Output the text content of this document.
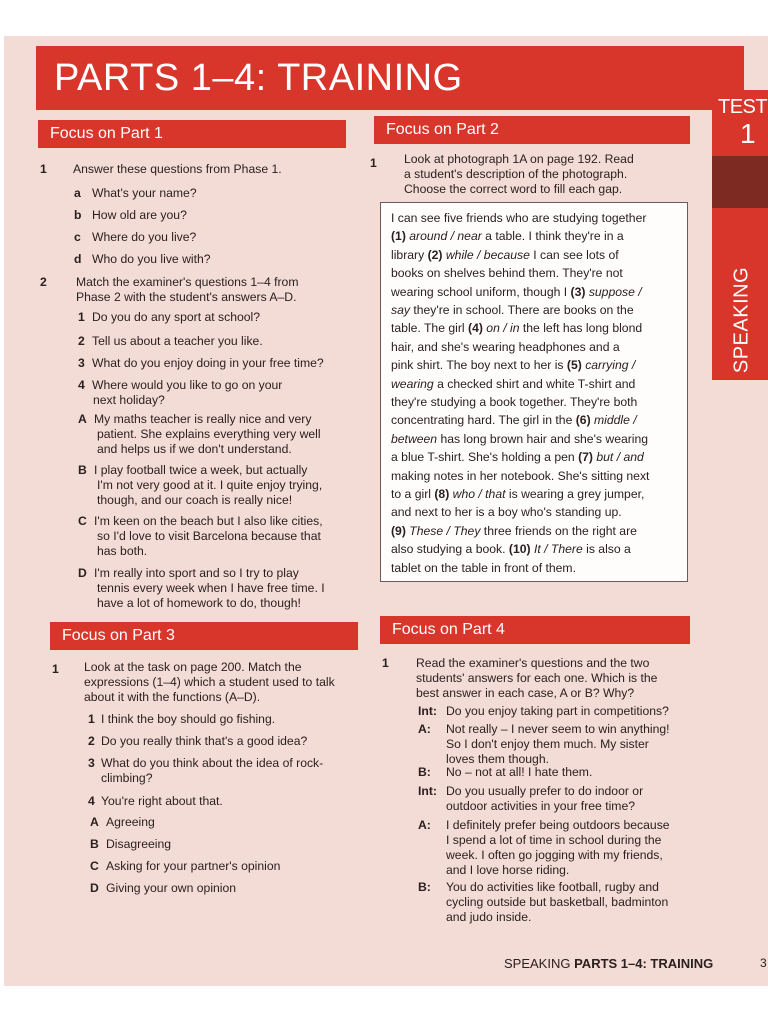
PARTS 1–4: TRAINING
TEST
1
SPEAKING
Focus on Part 1
1 Answer these questions from Phase 1.
a What's your name?
b How old are you?
c Where do you live?
d Who do you live with?
2 Match the examiner's questions 1–4 from
Phase 2 with the student's answers A–D.
1 Do you do any sport at school?
2 Tell us about a teacher you like.
3 What do you enjoy doing in your free time?
4 Where would you like to go on your
next holiday?
A My maths teacher is really nice and very
patient. She explains everything very well
and helps us if we don't understand.
B I play football twice a week, but actually
I'm not very good at it. I quite enjoy trying,
though, and our coach is really nice!
C I'm keen on the beach but I also like cities,
so I'd love to visit Barcelona because that
has both.
D I'm really into sport and so I try to play
tennis every week when I have free time. I
have a lot of homework to do, though!
Focus on Part 2
1 Look at photograph 1A on page 192. Read
a student's description of the photograph.
Choose the correct word to fill each gap.
I can see five friends who are studying together
(1) around / near a table. I think they're in a
library (2) while / because I can see lots of
books on shelves behind them. They're not
wearing school uniform, though I (3) suppose /
say they're in school. There are books on the
table. The girl (4) on / in the left has long blond
hair, and she's wearing headphones and a
pink shirt. The boy next to her is (5) carrying /
wearing a checked shirt and white T-shirt and
they're studying a book together. They're both
concentrating hard. The girl in the (6) middle /
between has long brown hair and she's wearing
a blue T-shirt. She's holding a pen (7) but / and
making notes in her notebook. She's sitting next
to a girl (8) who / that is wearing a grey jumper,
and next to her is a boy who's standing up.
(9) These / They three friends on the right are
also studying a book. (10) It / There is also a
tablet on the table in front of them.
Focus on Part 3
1 Look at the task on page 200. Match the
expressions (1–4) which a student used to talk
about it with the functions (A–D).
1 I think the boy should go fishing.
2 Do you really think that's a good idea?
3 What do you think about the idea of rock-
climbing?
4 You're right about that.
A Agreeing
B Disagreeing
C Asking for your partner's opinion
D Giving your own opinion
Focus on Part 4
1 Read the examiner's questions and the two
students' answers for each one. Which is the
best answer in each case, A or B? Why?
Int: Do you enjoy taking part in competitions?
A: Not really – I never seem to win anything!
So I don't enjoy them much. My sister
loves them though.
B: No – not at all! I hate them.
Int: Do you usually prefer to do indoor or
outdoor activities in your free time?
A: I definitely prefer being outdoors because
I spend a lot of time in school during the
week. I often go jogging with my friends,
and I love horse riding.
B: You do activities like football, rugby and
cycling outside but basketball, badminton
and judo inside.
SPEAKING PARTS 1–4: TRAINING	3
